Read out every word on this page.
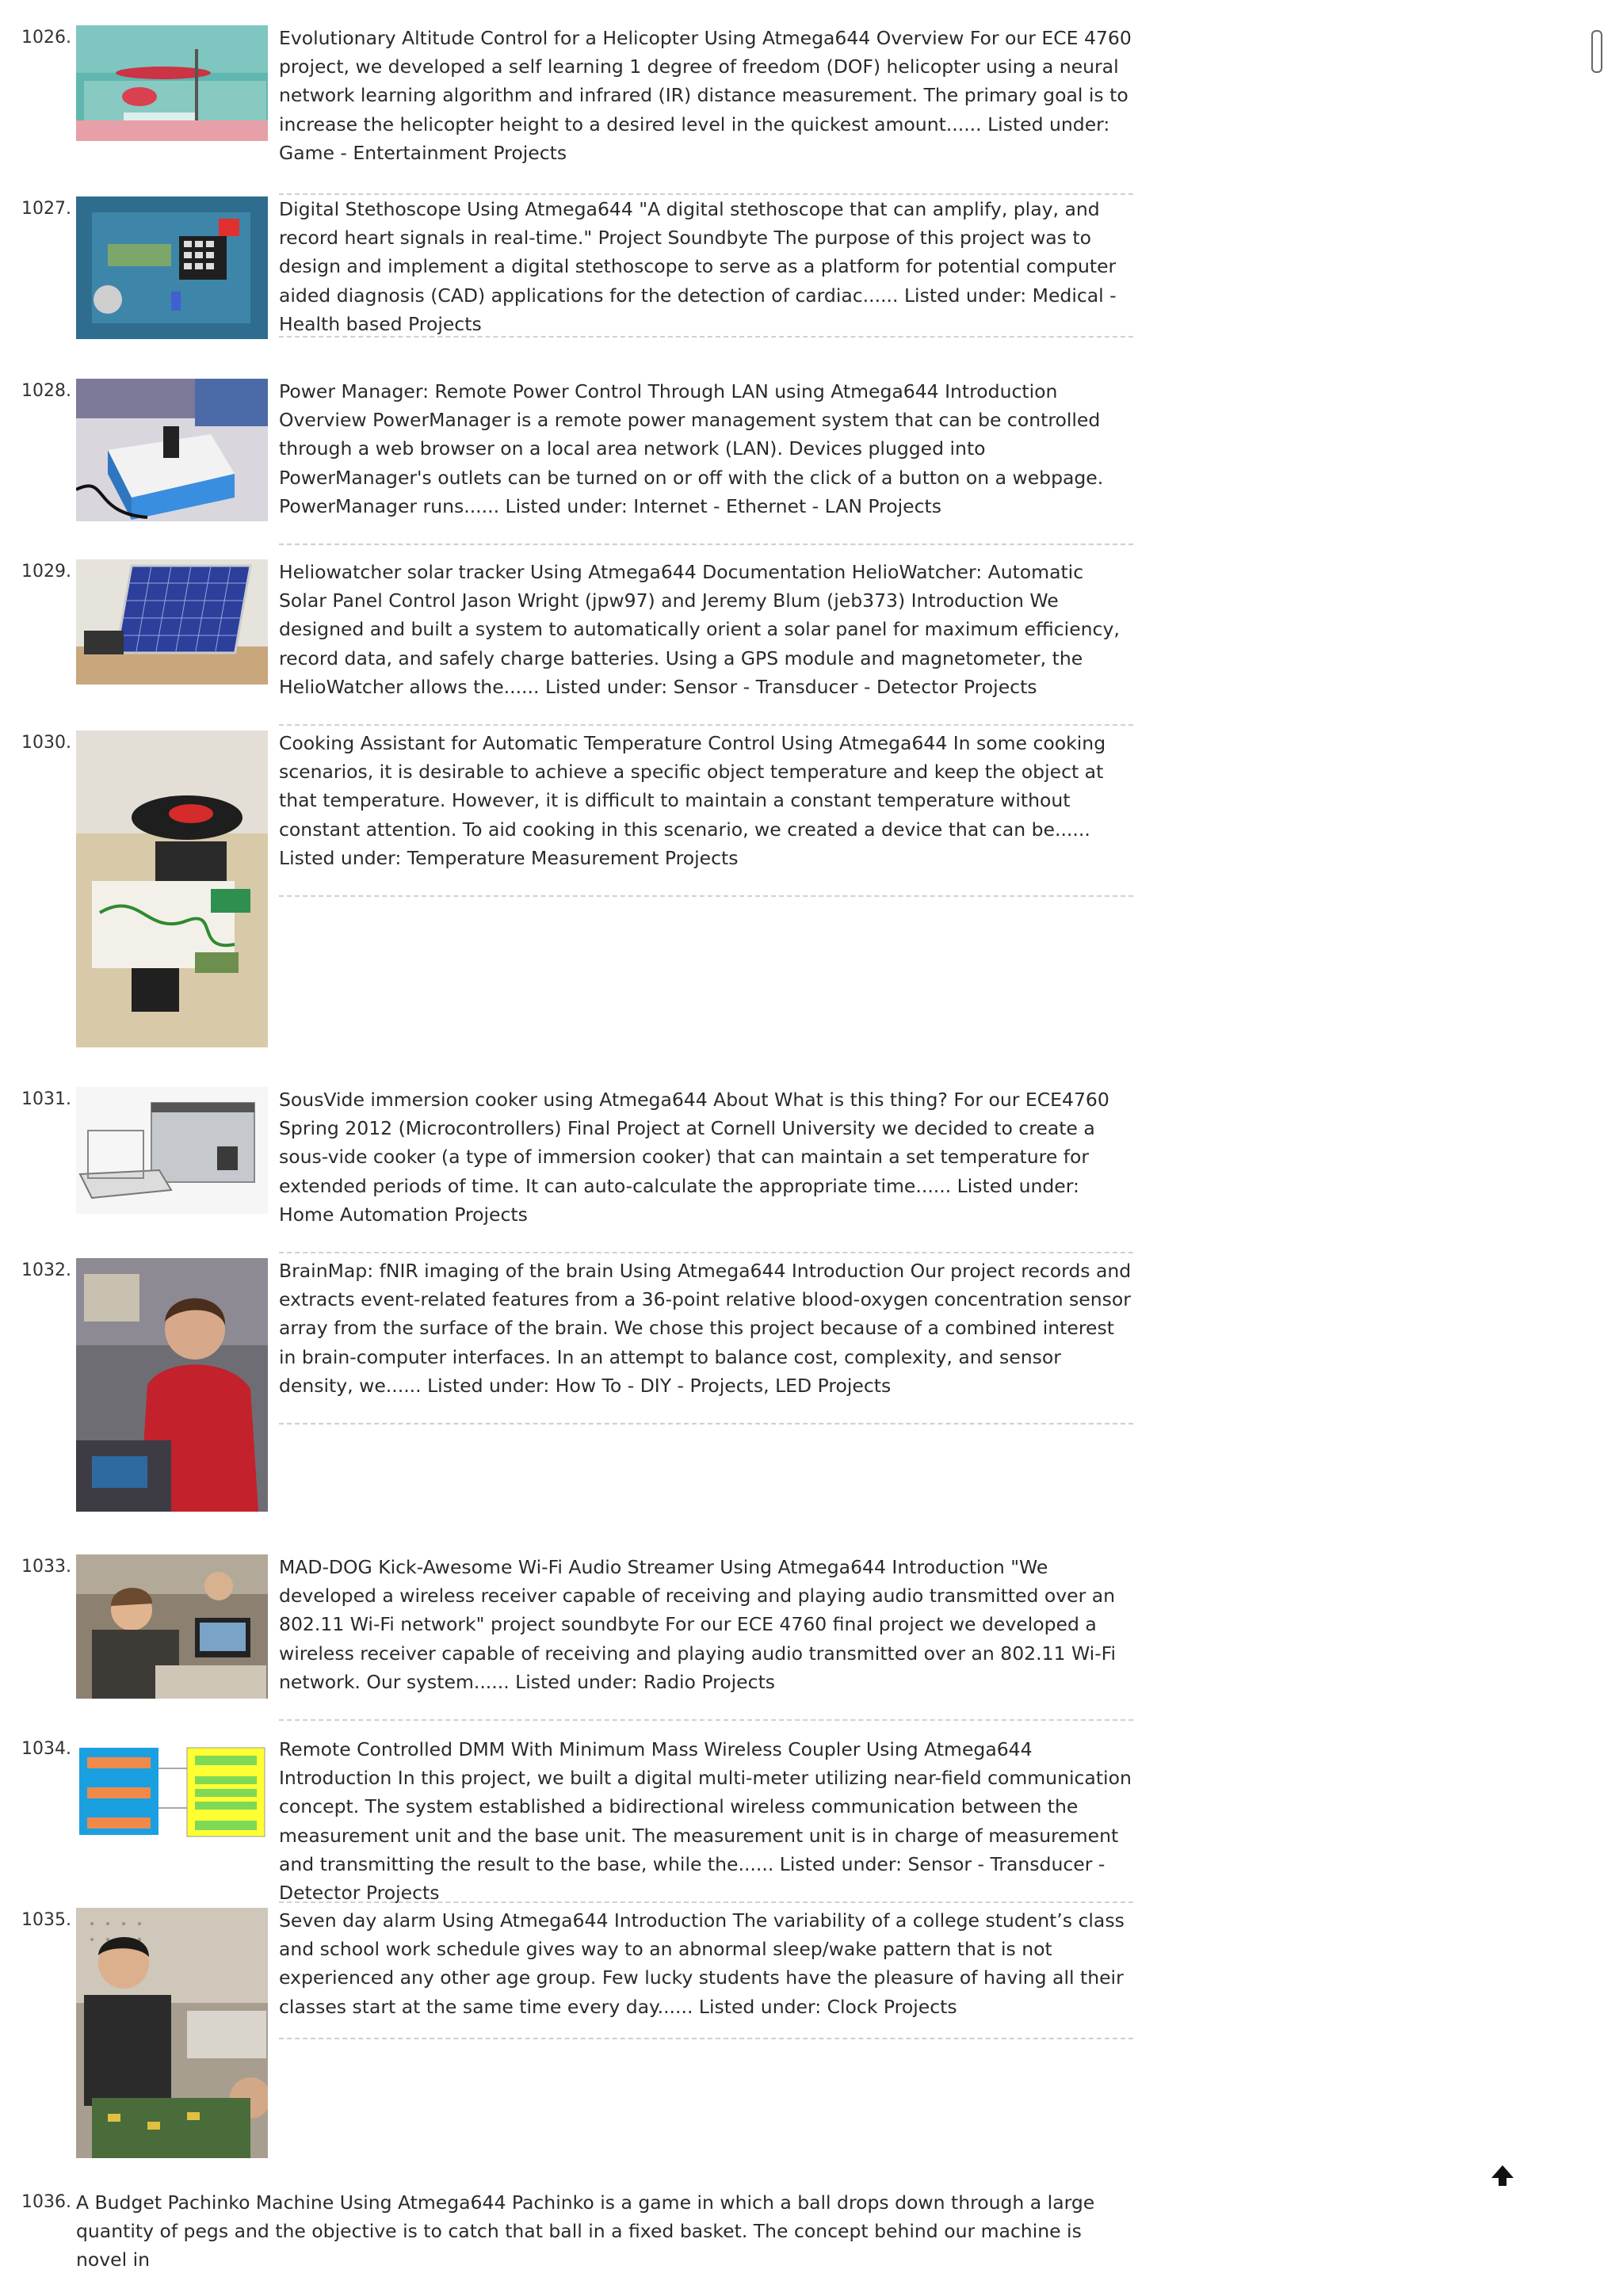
1026.	Evolutionary Altitude Control for a Helicopter Using Atmega644 Overview For our ECE 4760 project, we developed a self learning 1 degree of freedom (DOF) helicopter using a neural network learning algorithm and infrared (IR) distance measurement. The primary goal is to increase the helicopter height to a desired level in the quickest amount...... Listed under: Game - Entertainment Projects
1027.	Digital Stethoscope Using Atmega644 "A digital stethoscope that can amplify, play, and record heart signals in real-time." Project Soundbyte The purpose of this project was to design and implement a digital stethoscope to serve as a platform for potential computer aided diagnosis (CAD) applications for the detection of cardiac...... Listed under: Medical - Health based Projects
1028.	Power Manager: Remote Power Control Through LAN using Atmega644 Introduction Overview PowerManager is a remote power management system that can be controlled through a web browser on a local area network (LAN). Devices plugged into PowerManager's outlets can be turned on or off with the click of a button on a webpage. PowerManager runs...... Listed under: Internet - Ethernet - LAN Projects
1029.	Heliowatcher solar tracker Using Atmega644 Documentation HelioWatcher: Automatic Solar Panel Control Jason Wright (jpw97) and Jeremy Blum (jeb373) Introduction We designed and built a system to automatically orient a solar panel for maximum efficiency, record data, and safely charge batteries. Using a GPS module and magnetometer, the HelioWatcher allows the...... Listed under: Sensor - Transducer - Detector Projects
1030.	Cooking Assistant for Automatic Temperature Control Using Atmega644 In some cooking scenarios, it is desirable to achieve a specific object temperature and keep the object at that temperature. However, it is difficult to maintain a constant temperature without constant attention. To aid cooking in this scenario, we created a device that can be...... Listed under: Temperature Measurement Projects
1031.	SousVide immersion cooker using Atmega644 About What is this thing? For our ECE4760 Spring 2012 (Microcontrollers) Final Project at Cornell University we decided to create a sous-vide cooker (a type of immersion cooker) that can maintain a set temperature for extended periods of time. It can auto-calculate the appropriate time...... Listed under: Home Automation Projects
1032.	BrainMap: fNIR imaging of the brain Using Atmega644 Introduction Our project records and extracts event-related features from a 36-point relative blood-oxygen concentration sensor array from the surface of the brain. We chose this project because of a combined interest in brain-computer interfaces. In an attempt to balance cost, complexity, and sensor density, we...... Listed under: How To - DIY - Projects, LED Projects
1033.	MAD-DOG Kick-Awesome Wi-Fi Audio Streamer Using Atmega644 Introduction "We developed a wireless receiver capable of receiving and playing audio transmitted over an 802.11 Wi-Fi network" project soundbyte For our ECE 4760 final project we developed a wireless receiver capable of receiving and playing audio transmitted over an 802.11 Wi-Fi network. Our system...... Listed under: Radio Projects
1034.	Remote Controlled DMM With Minimum Mass Wireless Coupler Using Atmega644 Introduction In this project, we built a digital multi-meter utilizing near-field communication concept. The system established a bidirectional wireless communication between the measurement unit and the base unit. The measurement unit is in charge of measurement and transmitting the result to the base, while the...... Listed under: Sensor - Transducer - Detector Projects
1035.	Seven day alarm Using Atmega644 Introduction The variability of a college student’s class and school work schedule gives way to an abnormal sleep/wake pattern that is not experienced any other age group. Few lucky students have the pleasure of having all their classes start at the same time every day...... Listed under: Clock Projects
1036. A Budget Pachinko Machine Using Atmega644 Pachinko is a game in which a ball drops down through a large quantity of pegs and the objective is to catch that ball in a fixed basket. The concept behind our machine is novel in
